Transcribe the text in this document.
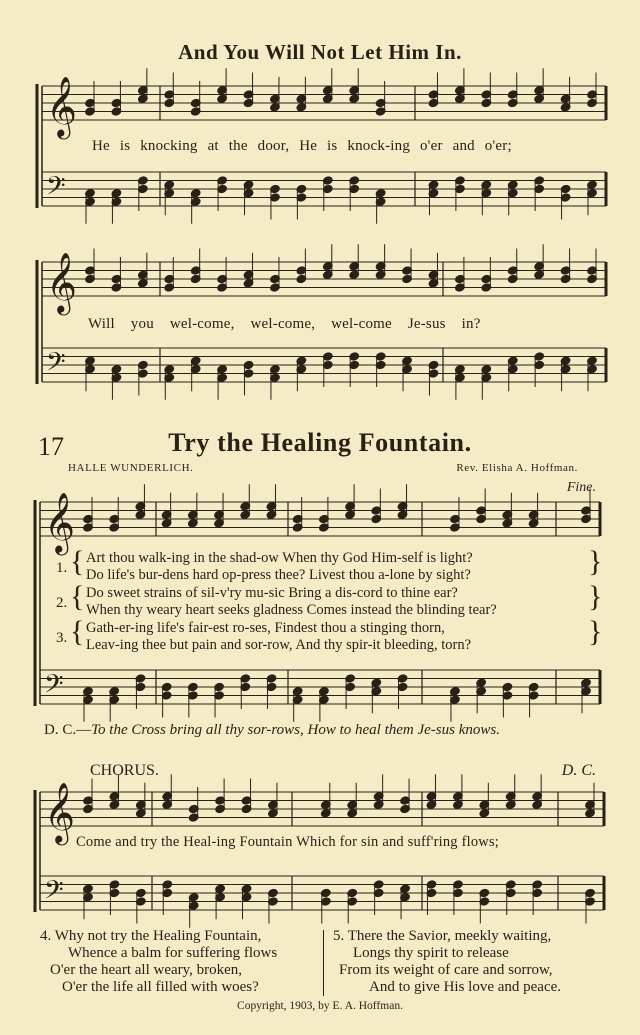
𝄞
𝄢
𝄞
𝄢
𝄞
𝄢
𝄞
𝄢
And You Will Not Let Him In.
He is knocking at the door, He is knock-ing o'er and o'er;
Will you wel-come, wel-come, wel-come Je-sus in?
17	Try the Healing Fountain.
HALLE WUNDERLICH.	Rev. Elisha A. Hoffman.
Fine.
1. { Art thou walk-ing in the shad-ow When thy God Him-self is light?
Do life's bur-dens hard op-press thee? Livest thou a-lone by sight?	}
2. { Do sweet strains of sil-v'ry mu-sic Bring a dis-cord to thine ear?
When thy weary heart seeks gladness Comes instead the blinding tear?	}
3. { Gath-er-ing life's fair-est ro-ses, Findest thou a stinging thorn,
Leav-ing thee but pain and sor-row, And thy spir-it bleeding, torn?	}
D. C.—To the Cross bring all thy sor-rows, How to heal them Je-sus knows.
CHORUS.	D. C.
Come and try the Heal-ing Fountain Which for sin and suff'ring flows;
4. Why not try the Healing Fountain,
Whence a balm for suffering flows
O'er the heart all weary, broken,
O'er the life all filled with woes?
5. There the Savior, meekly waiting,
Longs thy spirit to release
From its weight of care and sorrow,
And to give His love and peace.
Copyright, 1903, by E. A. Hoffman.
